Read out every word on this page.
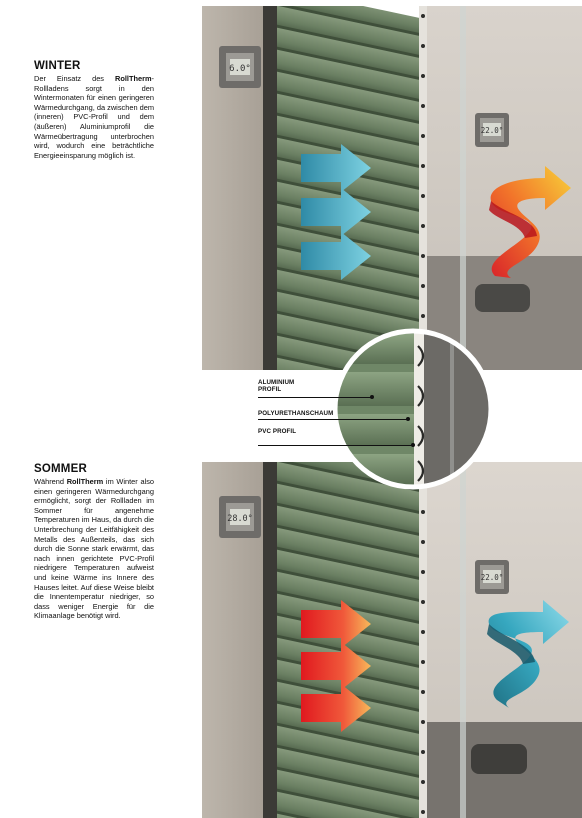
WINTER
Der Einsatz des RollTherm-Rollladens sorgt in den Wintermonaten für einen geringeren Wärmedurchgang, da zwischen dem (inneren) PVC-Profil und dem (äußeren) Aluminiumprofil die Wärmeübertragung unterbrochen wird, wodurch eine beträchtliche Energieeinsparung möglich ist.
SOMMER
Während RollTherm im Winter also einen geringeren Wärmedurchgang ermöglicht, sorgt der Rollladen im Sommer für angenehme Temperaturen im Haus, da durch die Unterbrechung der Leitfähigkeit des Metalls des Außenteils, das sich durch die Sonne stark erwärmt, das nach innen gerichtete PVC-Profil niedrigere Temperaturen aufweist und keine Wärme ins Innere des Hauses leitet. Auf diese Weise bleibt die Innentemperatur niedriger, so dass weniger Energie für die Klimaanlage benötigt wird.
6.0°
22.0°
28.0°
22.0°
ALUMINIUM PROFIL
POLYURETHANSCHAUM
PVC PROFIL
